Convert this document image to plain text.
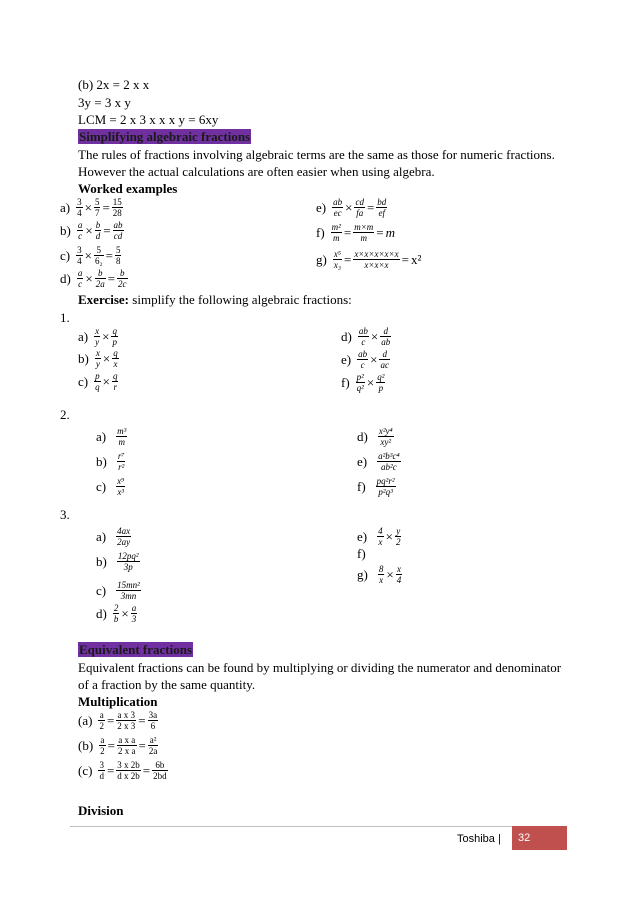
(b) 2x = 2 x x
3y = 3 x y
LCM = 2 x 3 x x x y = 6xy
Simplifying algebraic fractions
The rules of fractions involving algebraic terms are the same as those for numeric fractions.
However the actual calculations are often easier when using algebra.
Worked examples
$a) \frac{3}{4} \times \frac{5}{7} = \frac{15}{28}$
$b) \frac{a}{c} \times \frac{b}{d} = \frac{ab}{cd}$
$c) \frac{3}{4} \times \frac{5}{\text{6₂}} = \frac{5}{8}$
$d) \frac{a}{c} \times \frac{b}{2a} = \frac{b}{2c}$
$e) \frac{ab}{ec} \times \frac{cd}{fa} = \frac{bd}{ef}$
$f) \frac{\text{m²}}{m} = \frac{m\times m}{m} = m$
$g) \frac{\text{x⁵}}{\text{x₃}} = \frac{x\times x\times x\times x\times x}{x\times x\times x} = x^2$
Exercise: simplify the following algebraic fractions:
1.
$a) \frac{x}{y} \times \frac{q}{p}$
$b) \frac{x}{y} \times \frac{q}{x}$
$c) \frac{p}{q} \times \frac{q}{r}$
$d) \frac{ab}{c} \times \frac{d}{ab}$
$e) \frac{ab}{c} \times \frac{d}{ac}$
$f) \frac{\text{p²}}{\text{q²}} \times \frac{\text{q²}}{p}$
2.
$a) \frac{\text{m³}}{m}$
$b) \frac{\text{r⁷}}{\text{r²}}$
$c) \frac{\text{x⁹}}{\text{x³}}$
$d) \frac{\text{x²y⁴}}{\text{xy²}}$
$e) \frac{\text{a²b³c⁴}}{\text{ab²c}}$
$f) \frac{\text{pq²r²}}{\text{p²q³}}$
3.
$a) \frac{4ax}{2ay}$
$b) \frac{\text{12pq²}}{3p}$
$c) \frac{\text{15mn²}}{3mn}$
$d) \frac{2}{b} \times \frac{a}{3}$
$e) \frac{4}{x} \times \frac{y}{2}$
f)
$g) \frac{8}{x} \times \frac{x}{4}$
Equivalent fractions
Equivalent fractions can be found by multiplying or dividing the numerator and denominator
of a fraction by the same quantity.
Multiplication
$(a) \frac{a}{2} = \frac{\text{a x 3}}{2 x 3} = \frac{3a}{6}$
$(b) \frac{a}{2} = \frac{\text{a x a}}{\text{2 x a}} = \frac{\text{a²}}{2a}$
$(c) \frac{3}{d} = \frac{3 x 2b}{\text{d x 2b}} = \frac{6b}{2bd}$
Division
Toshiba |	32
